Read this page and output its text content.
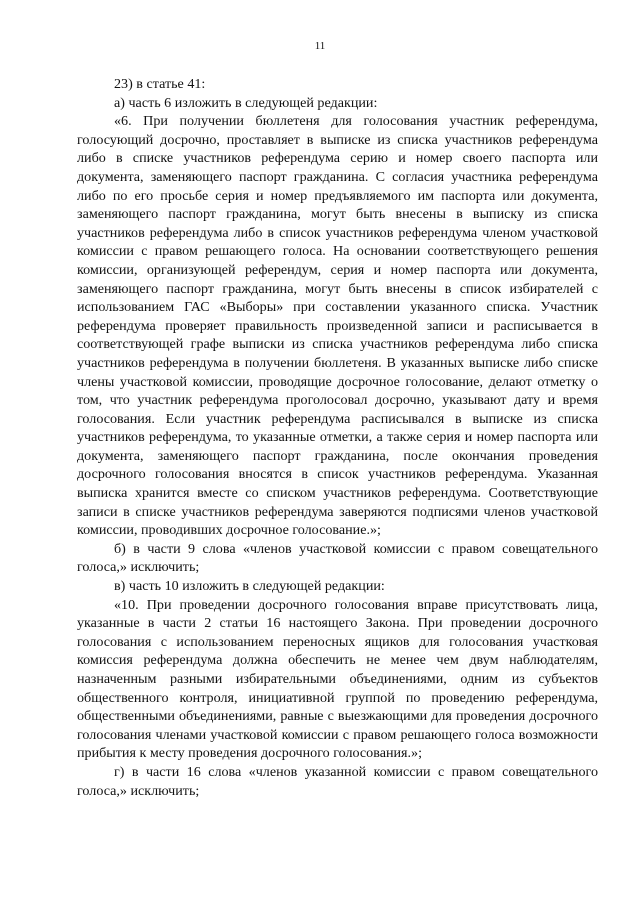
11

23) в статье 41:

а) часть 6 изложить в следующей редакции:

«6. При получении бюллетеня для голосования участник референдума, голосующий досрочно, проставляет в выписке из списка участников референдума либо в списке участников референдума серию и номер своего паспорта или документа, заменяющего паспорт гражданина. С согласия участника референдума либо по его просьбе серия и номер предъявляемого им паспорта или документа, заменяющего паспорт гражданина, могут быть внесены в выписку из списка участников референдума либо в список участников референдума членом участковой комиссии с правом решающего голоса. На основании соответствующего решения комиссии, организующей референдум, серия и номер паспорта или документа, заменяющего паспорт гражданина, могут быть внесены в список избирателей с использованием ГАС «Выборы» при составлении указанного списка. Участник референдума проверяет правильность произведенной записи и расписывается в соответствующей графе выписки из списка участников референдума либо списка участников референдума в получении бюллетеня. В указанных выписке либо списке члены участковой комиссии, проводящие досрочное голосование, делают отметку о том, что участник референдума проголосовал досрочно, указывают дату и время голосования. Если участник референдума расписывался в выписке из списка участников референдума, то указанные отметки, а также серия и номер паспорта или документа, заменяющего паспорт гражданина, после окончания проведения досрочного голосования вносятся в список участников референдума. Указанная выписка хранится вместе со списком участников референдума. Соответствующие записи в списке участников референдума заверяются подписями членов участковой комиссии, проводивших досрочное голосование.»;

б) в части 9 слова «членов участковой комиссии с правом совещательного голоса,» исключить;

в) часть 10 изложить в следующей редакции:

«10. При проведении досрочного голосования вправе присутствовать лица, указанные в части 2 статьи 16 настоящего Закона. При проведении досрочного голосования с использованием переносных ящиков для голосования участковая комиссия референдума должна обеспечить не менее чем двум наблюдателям, назначенным разными избирательными объединениями, одним из субъектов общественного контроля, инициативной группой по проведению референдума, общественными объединениями, равные с выезжающими для проведения досрочного голосования членами участковой комиссии с правом решающего голоса возможности прибытия к месту проведения досрочного голосования.»;

г) в части 16 слова «членов указанной комиссии с правом совещательного голоса,» исключить;
